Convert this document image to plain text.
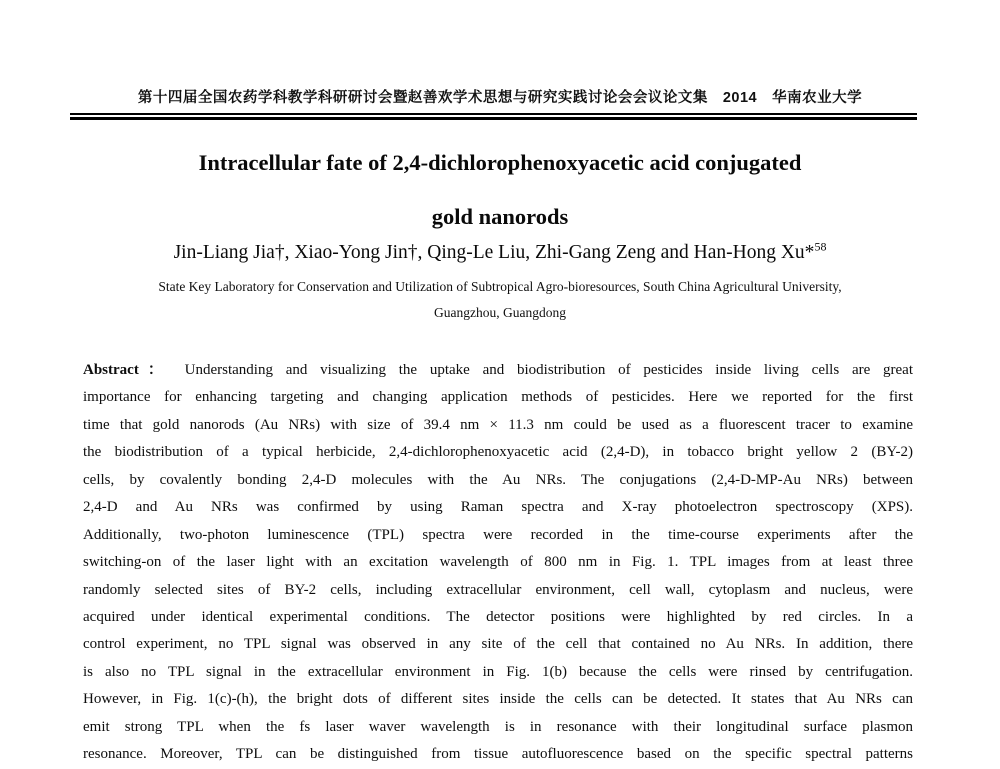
第十四届全国农药学科教学科研研讨会暨赵善欢学术思想与研究实践讨论会会议论文集　2014　华南农业大学
Intracellular fate of 2,4-dichlorophenoxyacetic acid conjugated
gold nanorods
Jin-Liang Jia†, Xiao-Yong Jin†, Qing-Le Liu, Zhi-Gang Zeng and Han-Hong Xu*$^{58}$
State Key Laboratory for Conservation and Utilization of Subtropical Agro-bioresources, South China Agricultural University,
Guangzhou, Guangdong
Abstract： Understanding and visualizing the uptake and biodistribution of pesticides inside living cells are great
importance for enhancing targeting and changing application methods of pesticides. Here we reported for the first
time that gold nanorods (Au NRs) with size of 39.4 nm × 11.3 nm could be used as a fluorescent tracer to examine
the biodistribution of a typical herbicide, 2,4-dichlorophenoxyacetic acid (2,4-D), in tobacco bright yellow 2 (BY-2)
cells, by covalently bonding 2,4-D molecules with the Au NRs. The conjugations (2,4-D-MP-Au NRs) between
2,4-D and Au NRs was confirmed by using Raman spectra and X-ray photoelectron spectroscopy (XPS).
Additionally, two-photon luminescence (TPL) spectra were recorded in the time-course experiments after the
switching-on of the laser light with an excitation wavelength of 800 nm in Fig. 1. TPL images from at least three
randomly selected sites of BY-2 cells, including extracellular environment, cell wall, cytoplasm and nucleus, were
acquired under identical experimental conditions. The detector positions were highlighted by red circles. In a
control experiment, no TPL signal was observed in any site of the cell that contained no Au NRs. In addition, there
is also no TPL signal in the extracellular environment in Fig. 1(b) because the cells were rinsed by centrifugation.
However, in Fig. 1(c)-(h), the bright dots of different sites inside the cells can be detected. It states that Au NRs can
emit strong TPL when the fs laser waver wavelength is in resonance with their longitudinal surface plasmon
resonance. Moreover, TPL can be distinguished from tissue autofluorescence based on the specific spectral patterns
